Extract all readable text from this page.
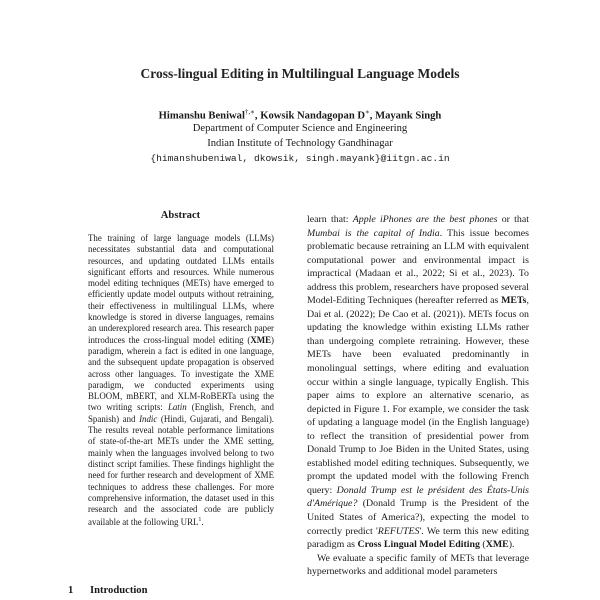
Cross-lingual Editing in Multilingual Language Models
Himanshu Beniwal†,∗, Kowsik Nandagopan D∗, Mayank Singh
Department of Computer Science and Engineering
Indian Institute of Technology Gandhinagar
{himanshubeniwal, dkowsik, singh.mayank}@iitgn.ac.in
Abstract
The training of large language models (LLMs) necessitates substantial data and computational resources, and updating outdated LLMs entails significant efforts and resources. While numerous model editing techniques (METs) have emerged to efficiently update model outputs without retraining, their effectiveness in multilingual LLMs, where knowledge is stored in diverse languages, remains an underexplored research area. This research paper introduces the cross-lingual model editing (XME) paradigm, wherein a fact is edited in one language, and the subsequent update propagation is observed across other languages. To investigate the XME paradigm, we conducted experiments using BLOOM, mBERT, and XLM-RoBERTa using the two writing scripts: Latin (English, French, and Spanish) and Indic (Hindi, Gujarati, and Bengali). The results reveal notable performance limitations of state-of-the-art METs under the XME setting, mainly when the languages involved belong to two distinct script families. These findings highlight the need for further research and development of XME techniques to address these challenges. For more comprehensive information, the dataset used in this research and the associated code are publicly available at the following URL$^1$.
1 Introduction

learn that: Apple iPhones are the best phones or that Mumbai is the capital of India. This issue becomes problematic because retraining an LLM with equivalent computational power and environmental impact is impractical (Madaan et al., 2022; Si et al., 2023). To address this problem, researchers have proposed several Model-Editing Techniques (hereafter referred as METs, Dai et al. (2022); De Cao et al. (2021)). METs focus on updating the knowledge within existing LLMs rather than undergoing complete retraining. However, these METs have been evaluated predominantly in monolingual settings, where editing and evaluation occur within a single language, typically English. This paper aims to explore an alternative scenario, as depicted in Figure 1. For example, we consider the task of updating a language model (in the English language) to reflect the transition of presidential power from Donald Trump to Joe Biden in the United States, using established model editing techniques. Subsequently, we prompt the updated model with the following French query: Donald Trump est le président des États-Unis d'Amérique? (Donald Trump is the President of the United States of America?), expecting the model to correctly predict 'REFUTES'. We term this new editing paradigm as Cross Lingual Model Editing (XME).

We evaluate a specific family of METs that leverage hypernetworks and additional model parameters
